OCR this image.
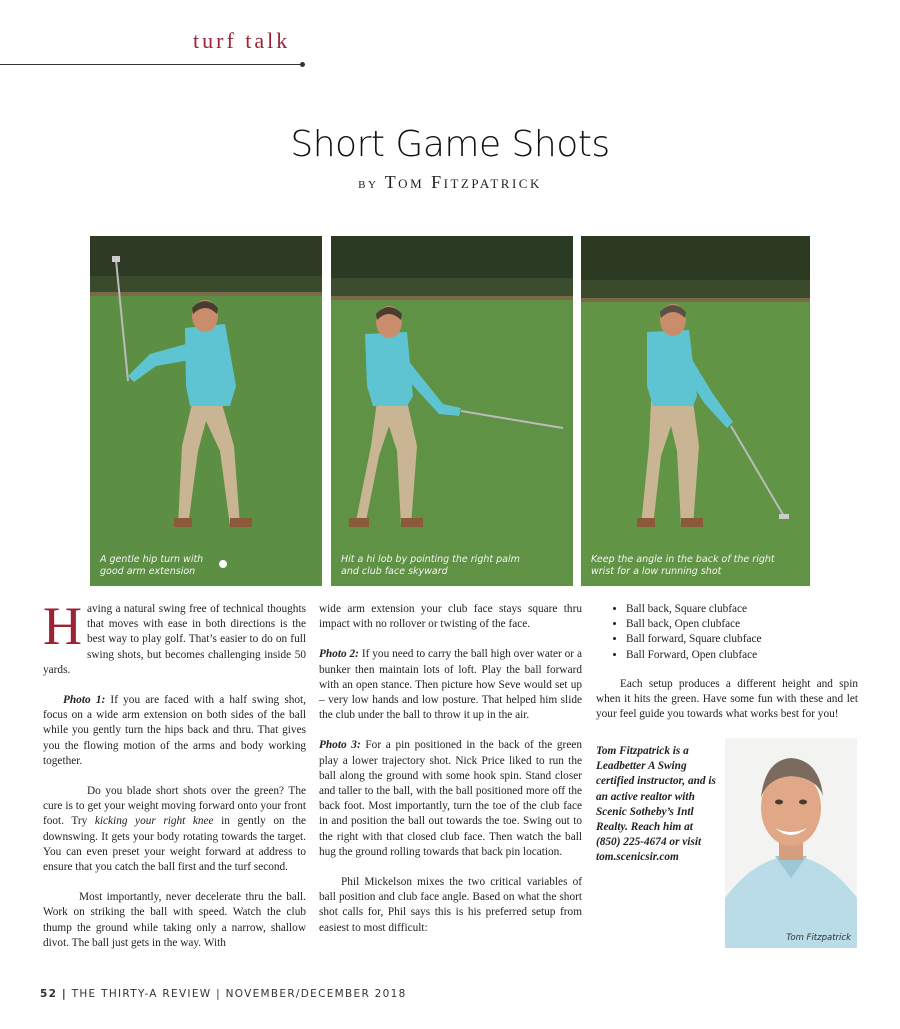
turf talk
Short Game Shots
by Tom Fitzpatrick
A gentle hip turn with
good arm extension
Hit a hi lob by pointing the right palm
and club face skyward
Keep the angle in the back of the right
wrist for a low running shot

Having a natural swing free of technical thoughts that moves with ease in both directions is the best way to play golf. That’s easier to do on full swing shots, but becomes challenging inside 50 yards.

Photo 1: If you are faced with a half swing shot, focus on a wide arm extension on both sides of the ball while you gently turn the hips back and thru. That gives you the flowing motion of the arms and body working together.

Do you blade short shots over the green? The cure is to get your weight moving forward onto your front foot. Try kicking your right knee in gently on the downswing. It gets your body rotating towards the target. You can even preset your weight forward at address to ensure that you catch the ball first and the turf second.

Most importantly, never decelerate thru the ball. Work on striking the ball with speed. Watch the club thump the ground while taking only a narrow, shallow divot. The ball just gets in the way. With

wide arm extension your club face stays square thru impact with no rollover or twisting of the face.

Photo 2: If you need to carry the ball high over water or a bunker then maintain lots of loft. Play the ball forward with an open stance. Then picture how Seve would set up – very low hands and low posture. That helped him slide the club under the ball to throw it up in the air.

Photo 3: For a pin positioned in the back of the green play a lower trajectory shot. Nick Price liked to run the ball along the ground with some hook spin. Stand closer and taller to the ball, with the ball positioned more off the back foot. Most importantly, turn the toe of the club face in and position the ball out towards the toe. Swing out to the right with that closed club face. Then watch the ball hug the ground rolling towards that back pin location.

Phil Mickelson mixes the two critical variables of ball position and club face angle. Based on what the short shot calls for, Phil says this is his preferred setup from easiest to most difficult:

• Ball back, Square clubface
• Ball back, Open clubface
• Ball forward, Square clubface
• Ball Forward, Open clubface

Each setup produces a different height and spin when it hits the green. Have some fun with these and let your feel guide you towards what works best for you!

Tom Fitzpatrick is a Leadbetter A Swing certified instructor, and is an active realtor with Scenic Sotheby’s Intl Realty. Reach him at (850) 225-4674 or visit tom.scenicsir.com
Tom Fitzpatrick
52 | THE THIRTY-A REVIEW | NOVEMBER/DECEMBER 2018
